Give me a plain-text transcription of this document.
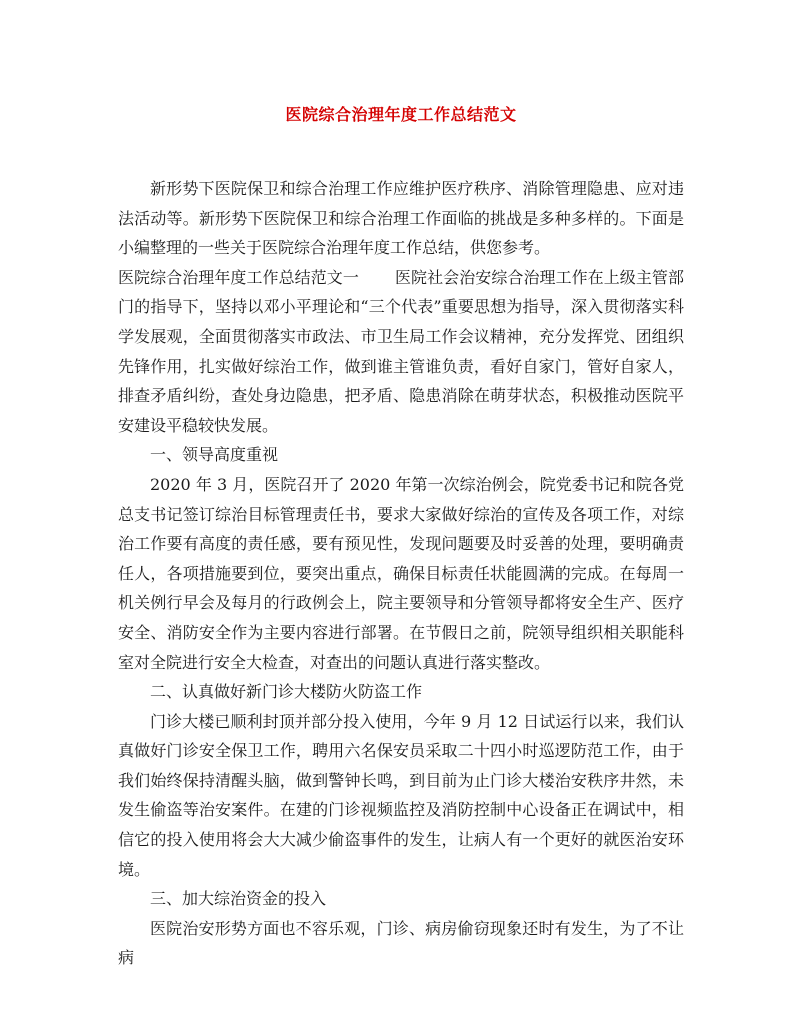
医院综合治理年度工作总结范文

新形势下医院保卫和综合治理工作应维护医疗秩序、消除管理隐患、应对违法活动等。新形势下医院保卫和综合治理工作面临的挑战是多种多样的。下面是小编整理的一些关于医院综合治理年度工作总结，供您参考。

医院综合治理年度工作总结范文一 医院社会治安综合治理工作在上级主管部门的指导下，坚持以邓小平理论和“三个代表”重要思想为指导，深入贯彻落实科学发展观，全面贯彻落实市政法、市卫生局工作会议精神，充分发挥党、团组织先锋作用，扎实做好综治工作，做到谁主管谁负责，看好自家门，管好自家人，排查矛盾纠纷，查处身边隐患，把矛盾、隐患消除在萌芽状态，积极推动医院平安建设平稳较快发展。

一、领导高度重视

2020 年 3 月，医院召开了 2020 年第一次综治例会，院党委书记和院各党总支书记签订综治目标管理责任书，要求大家做好综治的宣传及各项工作，对综治工作要有高度的责任感，要有预见性，发现问题要及时妥善的处理，要明确责任人，各项措施要到位，要突出重点，确保目标责任状能圆满的完成。在每周一机关例行早会及每月的行政例会上，院主要领导和分管领导都将安全生产、医疗安全、消防安全作为主要内容进行部署。在节假日之前，院领导组织相关职能科室对全院进行安全大检查，对查出的问题认真进行落实整改。

二、认真做好新门诊大楼防火防盗工作

门诊大楼已顺利封顶并部分投入使用，今年 9 月 12 日试运行以来，我们认真做好门诊安全保卫工作，聘用六名保安员采取二十四小时巡逻防范工作，由于我们始终保持清醒头脑，做到警钟长鸣，到目前为止门诊大楼治安秩序井然，未发生偷盗等治安案件。在建的门诊视频监控及消防控制中心设备正在调试中，相信它的投入使用将会大大减少偷盗事件的发生，让病人有一个更好的就医治安环境。

三、加大综治资金的投入

医院治安形势方面也不容乐观，门诊、病房偷窃现象还时有发生，为了不让病
